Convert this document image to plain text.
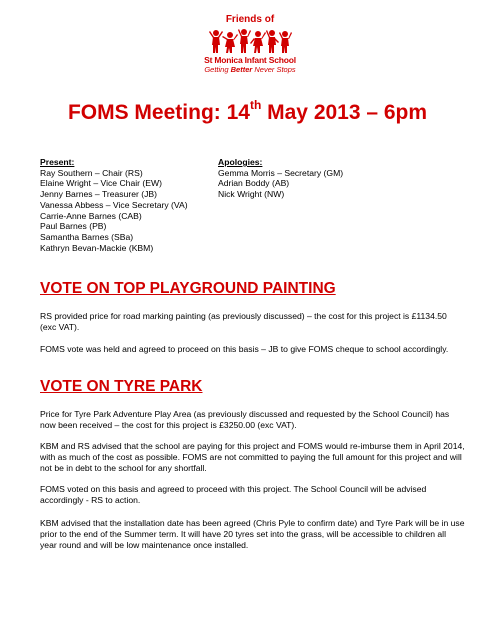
Friends of
St Monica Infant School
Getting Better Never Stops
FOMS Meeting: 14th May 2013 – 6pm
Present:
Ray Southern – Chair (RS)
Elaine Wright – Vice Chair (EW)
Jenny Barnes – Treasurer (JB)
Vanessa Abbess – Vice Secretary (VA)
Carrie-Anne Barnes (CAB)
Paul Barnes (PB)
Samantha Barnes (SBa)
Kathryn Bevan-Mackie (KBM)
Apologies:
Gemma Morris – Secretary (GM)
Adrian Boddy (AB)
Nick Wright (NW)
VOTE ON TOP PLAYGROUND PAINTING
RS provided price for road marking painting (as previously discussed) – the cost for this project is £1134.50 (exc VAT).
FOMS vote was held and agreed to proceed on this basis – JB to give FOMS cheque to school accordingly.
VOTE ON TYRE PARK
Price for Tyre Park Adventure Play Area (as previously discussed and requested by the School Council) has now been received – the cost for this project is £3250.00 (exc VAT).
KBM and RS advised that the school are paying for this project and FOMS would re-imburse them in April 2014, with as much of the cost as possible. FOMS are not committed to paying the full amount for this project and will not be in debt to the school for any shortfall.
FOMS voted on this basis and agreed to proceed with this project. The School Council will be advised accordingly - RS to action.
KBM advised that the installation date has been agreed (Chris Pyle to confirm date) and Tyre Park will be in use prior to the end of the Summer term. It will have 20 tyres set into the grass, will be accessible to children all year round and will be low maintenance once installed.
